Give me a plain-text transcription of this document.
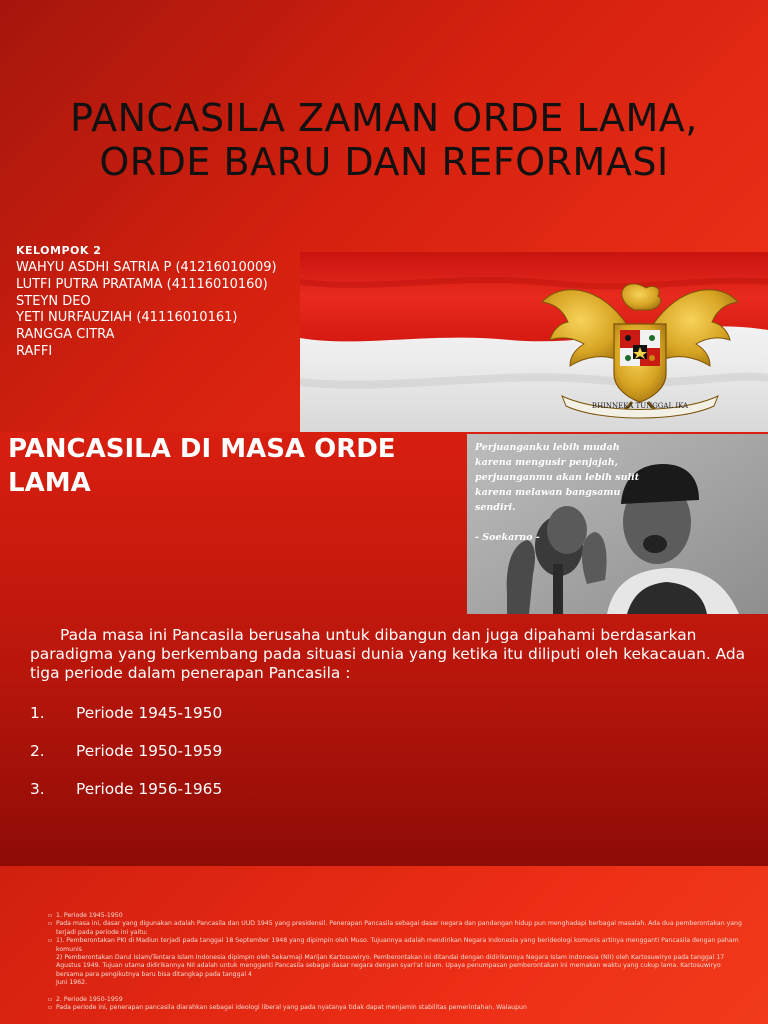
PANCASILA ZAMAN ORDE LAMA,
ORDE BARU DAN REFORMASI
KELOMPOK 2
WAHYU ASDHI SATRIA P (41216010009)
LUTFI PUTRA PRATAMA (41116010160)
STEYN DEO
YETI NURFAUZIAH (41116010161)
RANGGA CITRA
RAFFI
BHINNEKA TUNGGAL IKA
PANCASILA DI MASA ORDE
LAMA
Perjuanganku lebih mudah
karena mengusir penjajah,
perjuanganmu akan lebih sulit
karena melawan bangsamu
sendiri.
- Soekarno -
Pada masa ini Pancasila berusaha untuk dibangun dan juga dipahami berdasarkan paradigma yang berkembang pada situasi dunia yang ketika itu diliputi oleh kekacauan. Ada tiga periode dalam penerapan Pancasila :
1.	Periode 1945-1950
2.	Periode 1950-1959
3.	Periode 1956-1965
▫ 1. Periode 1945-1950
▫ Pada masa ini, dasar yang digunakan adalah Pancasila dan UUD 1945 yang presidensil. Penerapan Pancasila sebagai dasar negara dan pandangan hidup pun menghadapi berbagai masalah. Ada dua pemberontakan yang terjadi pada periode ini yaitu:
▫ 1). Pemberontakan PKI di Madiun terjadi pada tanggal 18 September 1948 yang dipimpin oleh Muso. Tujuannya adalah mendirikan Negara Indonesia yang berideologi komunis artinya mengganti Pancasila dengan paham komunis
2) Pemberontakan Darul Islam/Tentara Islam Indonesia dipimpin oleh Sekarmaji Marijan Kartosuwiryo. Pemberontakan ini ditandai dengan didirikannya Negara Islam Indonesia (NII) oleh Kartosuwiryo pada tanggal 17 Agustus 1949. Tujuan utama didirikannya NII adalah untuk mengganti Pancasila sebagai dasar negara dengan syari'at islam. Upaya penumpasan pemberontakan ini memakan waktu yang cukup lama. Kartosuwiryo bersama para pengikutnya baru bisa ditangkap pada tanggal 4
Juni 1962.
▫ 2. Periode 1950-1959
▫ Pada periode ini, penerapan pancasila diarahkan sebagai ideologi liberal yang pada nyatanya tidak dapat menjamin stabilitas pemerintahan. Walaupun
